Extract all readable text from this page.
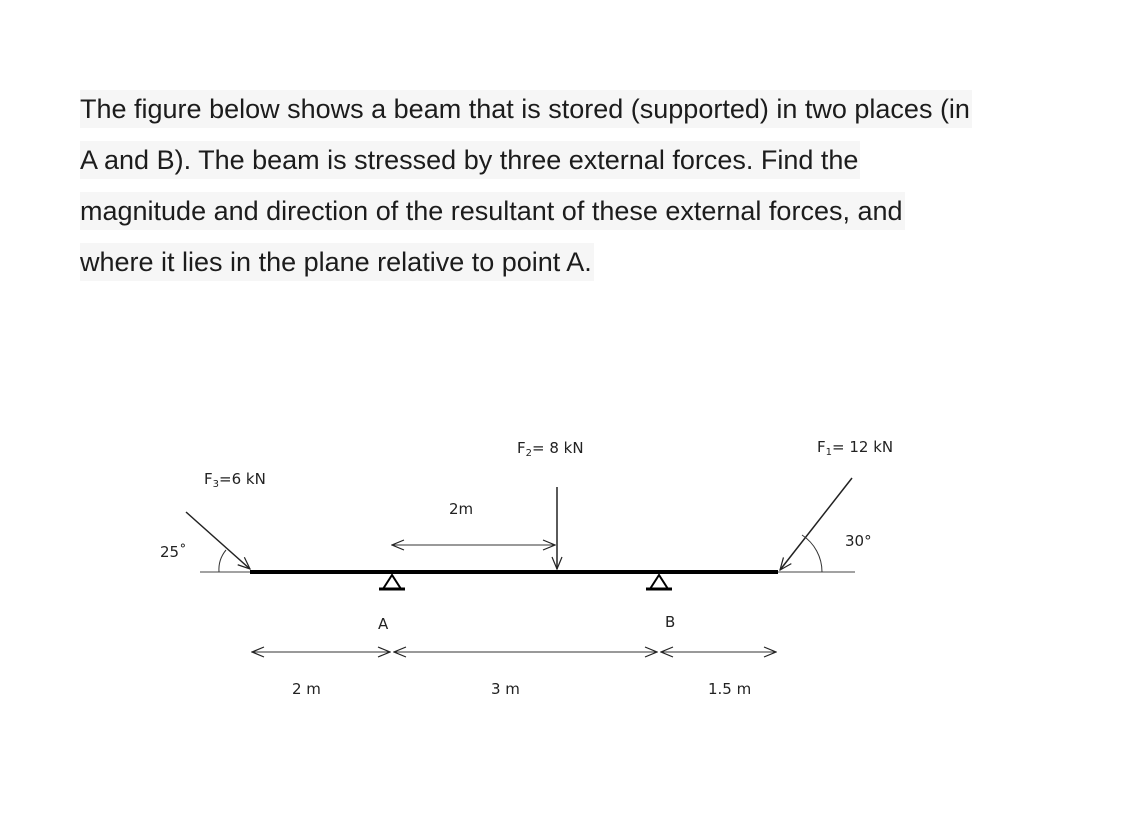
The figure below shows a beam that is stored (supported) in two places (in
A and B). The beam is stressed by three external forces. Find the
magnitude and direction of the resultant of these external forces, and
where it lies in the plane relative to point A.
$F_3=6$ kN
$F_2= 8$ kN	$F_1= 12$ kN
25˚
30°
2m
A	B
2 m	3 m	1.5 m
